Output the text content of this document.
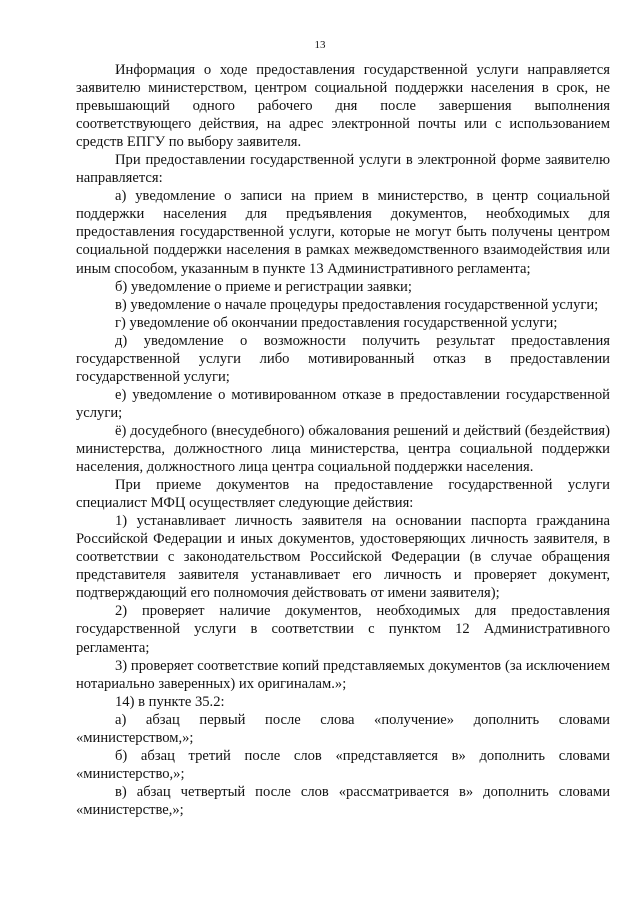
13

Информация о ходе предоставления государственной услуги направляется заявителю министерством, центром социальной поддержки населения в срок, не превышающий одного рабочего дня после завершения выполнения соответствующего действия, на адрес электронной почты или с использованием средств ЕПГУ по выбору заявителя.

При предоставлении государственной услуги в электронной форме заявителю направляется:

а) уведомление о записи на прием в министерство, в центр социальной поддержки населения для предъявления документов, необходимых для предоставления государственной услуги, которые не могут быть получены центром социальной поддержки населения в рамках межведомственного взаимодействия или иным способом, указанным в пункте 13 Административного регламента;

б) уведомление о приеме и регистрации заявки;

в) уведомление о начале процедуры предоставления государственной услуги;

г) уведомление об окончании предоставления государственной услуги;

д) уведомление о возможности получить результат предоставления государственной услуги либо мотивированный отказ в предоставлении государственной услуги;

е) уведомление о мотивированном отказе в предоставлении государственной услуги;

ё) досудебного (внесудебного) обжалования решений и действий (бездействия) министерства, должностного лица министерства, центра социальной поддержки населения, должностного лица центра социальной поддержки населения.

При приеме документов на предоставление государственной услуги специалист МФЦ осуществляет следующие действия:

1) устанавливает личность заявителя на основании паспорта гражданина Российской Федерации и иных документов, удостоверяющих личность заявителя, в соответствии с законодательством Российской Федерации (в случае обращения представителя заявителя устанавливает его личность и проверяет документ, подтверждающий его полномочия действовать от имени заявителя);

2) проверяет наличие документов, необходимых для предоставления государственной услуги в соответствии с пунктом 12 Административного регламента;

3) проверяет соответствие копий представляемых документов (за исключением нотариально заверенных) их оригиналам.»;

14) в пункте 35.2:

а) абзац первый после слова «получение» дополнить словами «министерством,»;

б) абзац третий после слов «представляется в» дополнить словами «министерство,»;

в) абзац четвертый после слов «рассматривается в» дополнить словами «министерстве,»;
